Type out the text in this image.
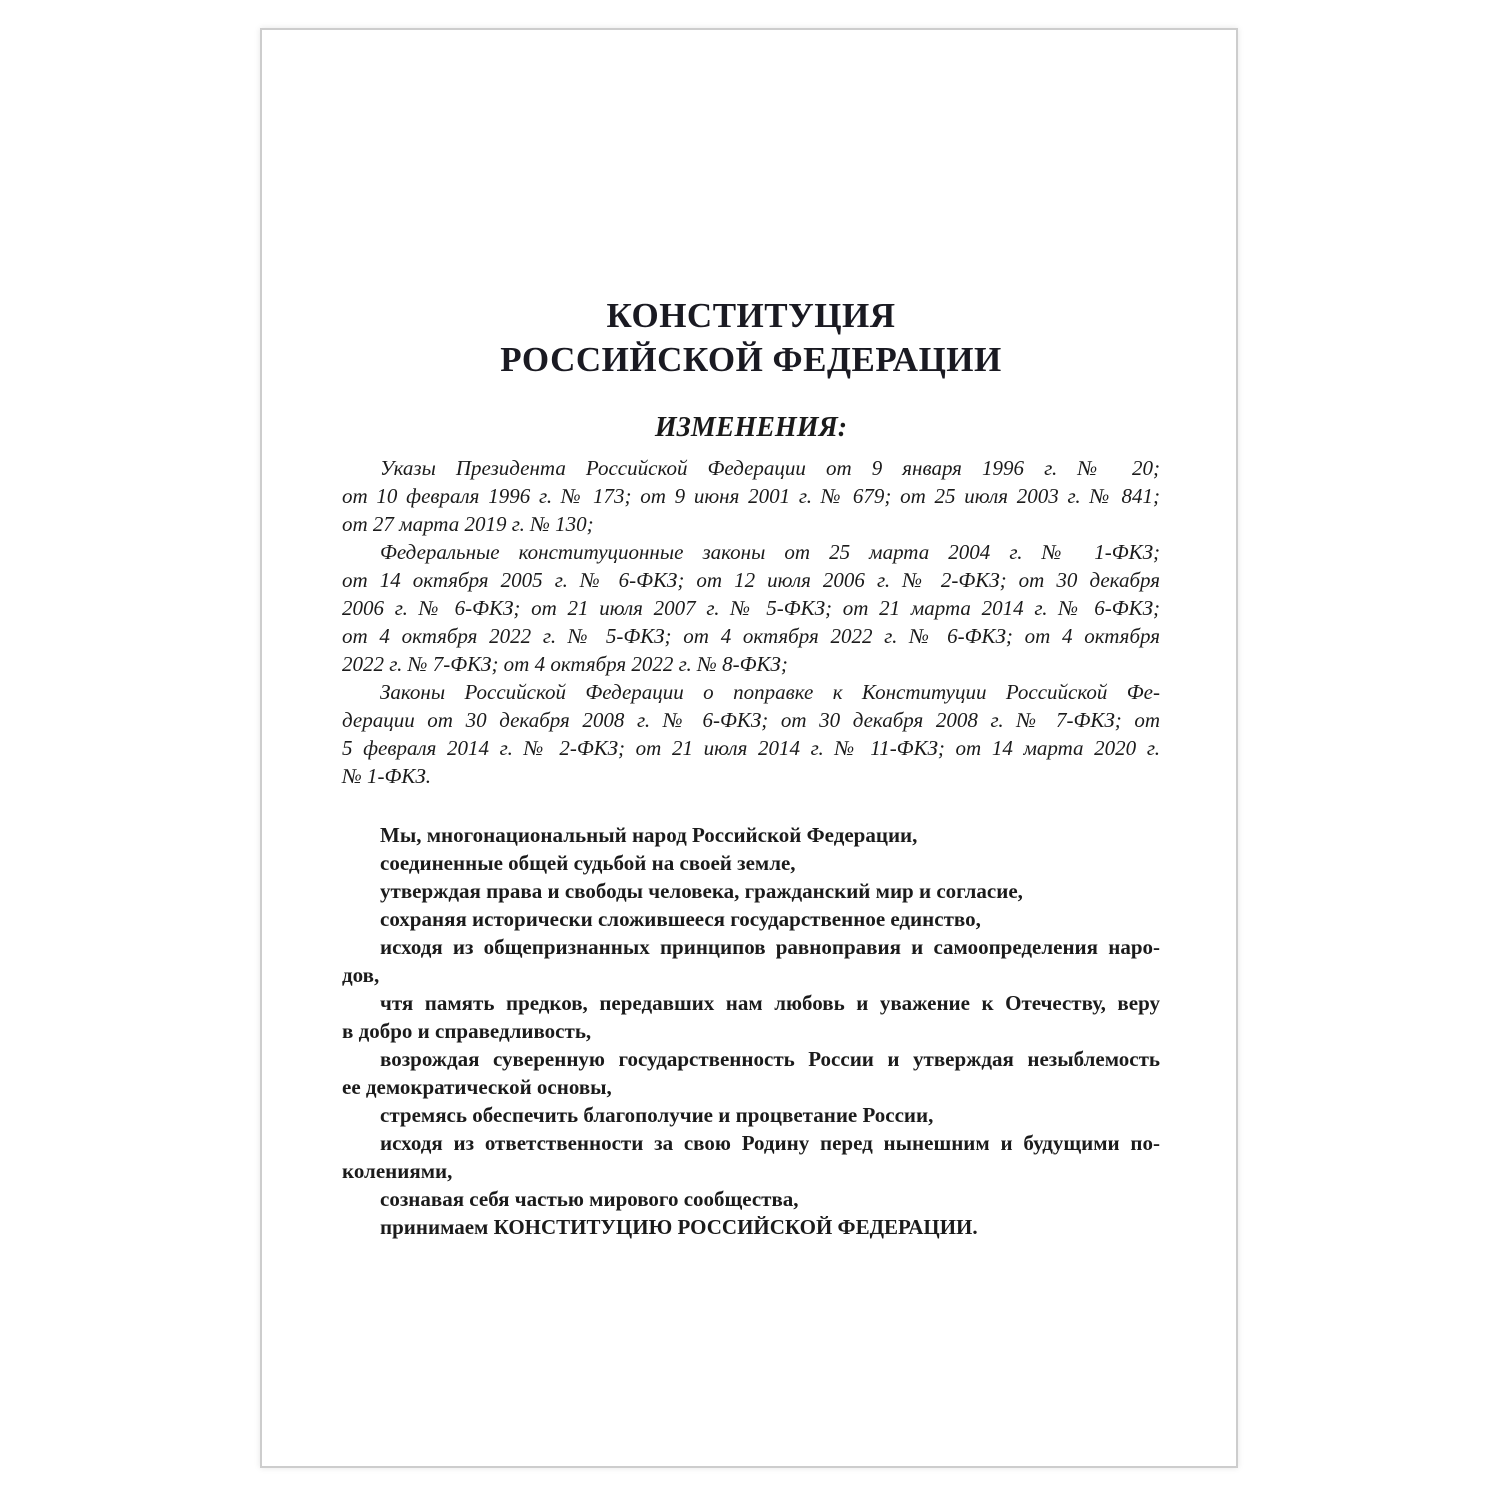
КОНСТИТУЦИЯ
РОССИЙСКОЙ ФЕДЕРАЦИИ
ИЗМЕНЕНИЯ:
Указы Президента Российской Федерации от 9 января 1996 г. № 20;
от 10 февраля 1996 г. № 173; от 9 июня 2001 г. № 679; от 25 июля 2003 г. № 841;
от 27 марта 2019 г. № 130;
Федеральные конституционные законы от 25 марта 2004 г. № 1-ФКЗ;
от 14 октября 2005 г. № 6-ФКЗ; от 12 июля 2006 г. № 2-ФКЗ; от 30 декабря
2006 г. № 6-ФКЗ; от 21 июля 2007 г. № 5-ФКЗ; от 21 марта 2014 г. № 6-ФКЗ;
от 4 октября 2022 г. № 5-ФКЗ; от 4 октября 2022 г. № 6-ФКЗ; от 4 октября
2022 г. № 7-ФКЗ; от 4 октября 2022 г. № 8-ФКЗ;
Законы Российской Федерации о поправке к Конституции Российской Фе-
дерации от 30 декабря 2008 г. № 6-ФКЗ; от 30 декабря 2008 г. № 7-ФКЗ; от
5 февраля 2014 г. № 2-ФКЗ; от 21 июля 2014 г. № 11-ФКЗ; от 14 марта 2020 г.
№ 1-ФКЗ.
Мы, многонациональный народ Российской Федерации,
соединенные общей судьбой на своей земле,
утверждая права и свободы человека, гражданский мир и согласие,
сохраняя исторически сложившееся государственное единство,
исходя из общепризнанных принципов равноправия и самоопределения наро-
дов,
чтя память предков, передавших нам любовь и уважение к Отечеству, веру
в добро и справедливость,
возрождая суверенную государственность России и утверждая незыблемость
ее демократической основы,
стремясь обеспечить благополучие и процветание России,
исходя из ответственности за свою Родину перед нынешним и будущими по-
колениями,
сознавая себя частью мирового сообщества,
принимаем КОНСТИТУЦИЮ РОССИЙСКОЙ ФЕДЕРАЦИИ.
